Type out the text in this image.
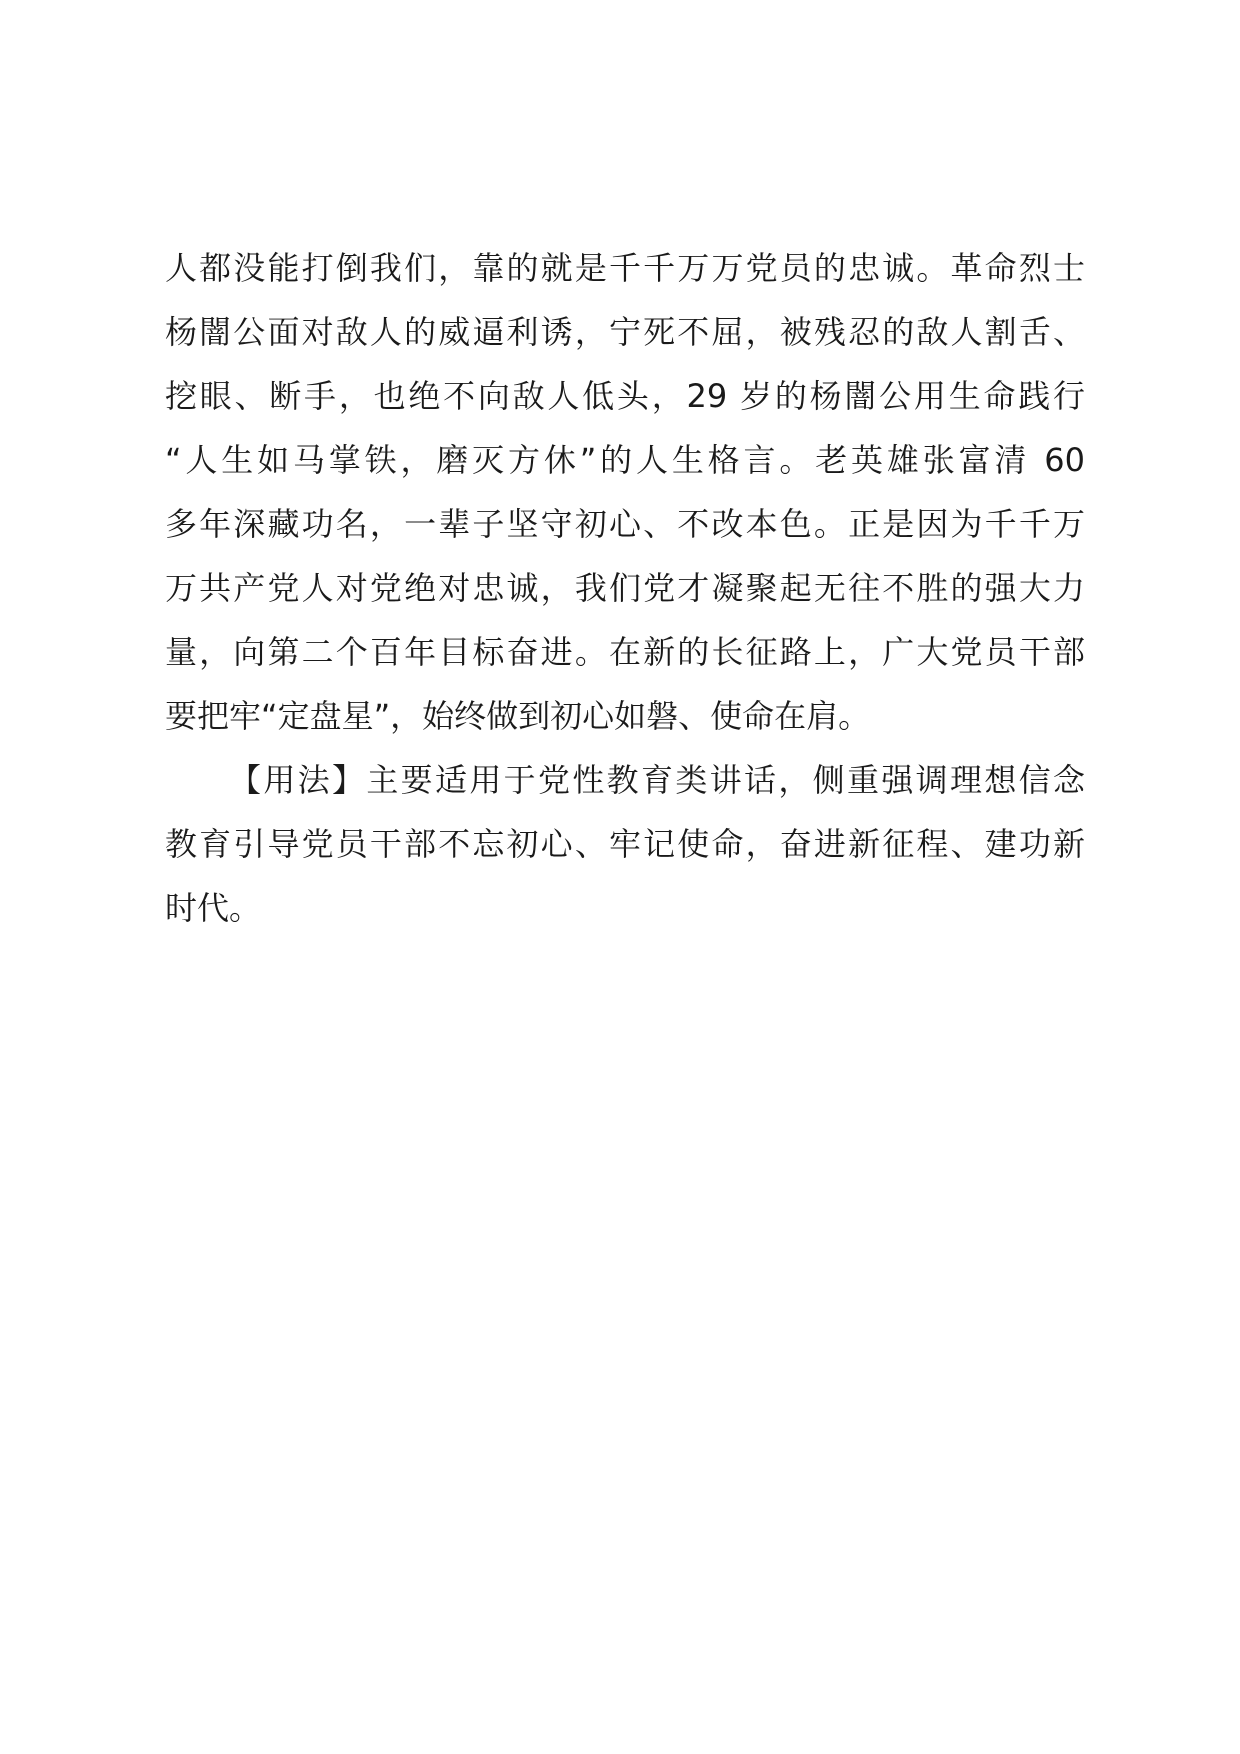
人都没能打倒我们，靠的就是千千万万党员的忠诚。革命烈士
杨闇公面对敌人的威逼利诱，宁死不屈，被残忍的敌人割舌、
挖眼、断手，也绝不向敌人低头，29 岁的杨闇公用生命践行
“人生如马掌铁，磨灭方休”的人生格言。老英雄张富清 60
多年深藏功名，一辈子坚守初心、不改本色。正是因为千千万
万共产党人对党绝对忠诚，我们党才凝聚起无往不胜的强大力
量，向第二个百年目标奋进。在新的长征路上，广大党员干部
要把牢“定盘星”，始终做到初心如磐、使命在肩。
【用法】主要适用于党性教育类讲话，侧重强调理想信念
教育引导党员干部不忘初心、牢记使命，奋进新征程、建功新
时代。
